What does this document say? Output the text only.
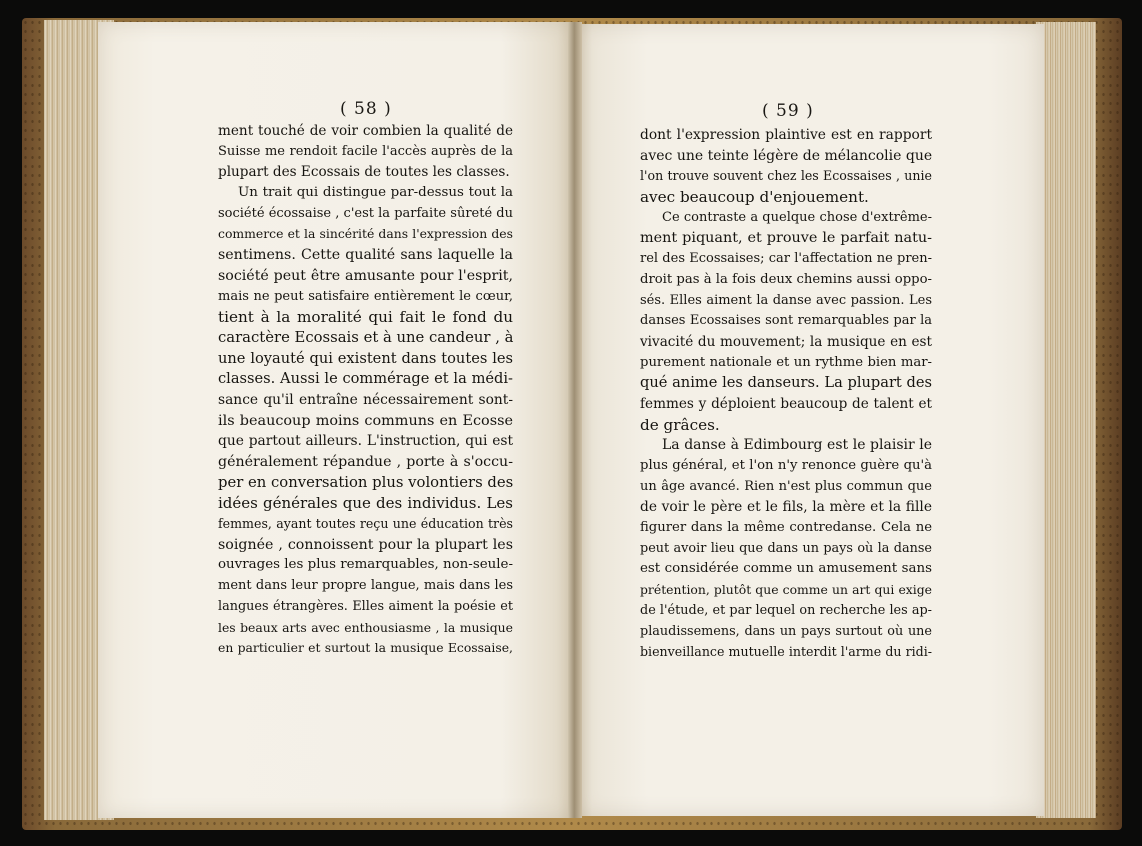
( 58 )
ment touché de voir combien la qualité de
Suisse me rendoit facile l'accès auprès de la
plupart des Ecossais de toutes les classes.
Un trait qui distingue par-dessus tout la
société écossaise , c'est la parfaite sûreté du
commerce et la sincérité dans l'expression des
sentimens. Cette qualité sans laquelle la
société peut être amusante pour l'esprit,
mais ne peut satisfaire entièrement le cœur,
tient à la moralité qui fait le fond du
caractère Ecossais et à une candeur , à
une loyauté qui existent dans toutes les
classes. Aussi le commérage et la médi-
sance qu'il entraîne nécessairement sont-
ils beaucoup moins communs en Ecosse
que partout ailleurs. L'instruction, qui est
généralement répandue , porte à s'occu-
per en conversation plus volontiers des
idées générales que des individus. Les
femmes, ayant toutes reçu une éducation très
soignée , connoissent pour la plupart les
ouvrages les plus remarquables, non-seule-
ment dans leur propre langue, mais dans les
langues étrangères. Elles aiment la poésie et
les beaux arts avec enthousiasme , la musique
en particulier et surtout la musique Ecossaise,
( 59 )
dont l'expression plaintive est en rapport
avec une teinte légère de mélancolie que
l'on trouve souvent chez les Ecossaises , unie
avec beaucoup d'enjouement.
Ce contraste a quelque chose d'extrême-
ment piquant, et prouve le parfait natu-
rel des Ecossaises; car l'affectation ne pren-
droit pas à la fois deux chemins aussi oppo-
sés. Elles aiment la danse avec passion. Les
danses Ecossaises sont remarquables par la
vivacité du mouvement; la musique en est
purement nationale et un rythme bien mar-
qué anime les danseurs. La plupart des
femmes y déploient beaucoup de talent et
de grâces.
La danse à Edimbourg est le plaisir le
plus général, et l'on n'y renonce guère qu'à
un âge avancé. Rien n'est plus commun que
de voir le père et le fils, la mère et la fille
figurer dans la même contredanse. Cela ne
peut avoir lieu que dans un pays où la danse
est considérée comme un amusement sans
prétention, plutôt que comme un art qui exige
de l'étude, et par lequel on recherche les ap-
plaudissemens, dans un pays surtout où une
bienveillance mutuelle interdit l'arme du ridi-
